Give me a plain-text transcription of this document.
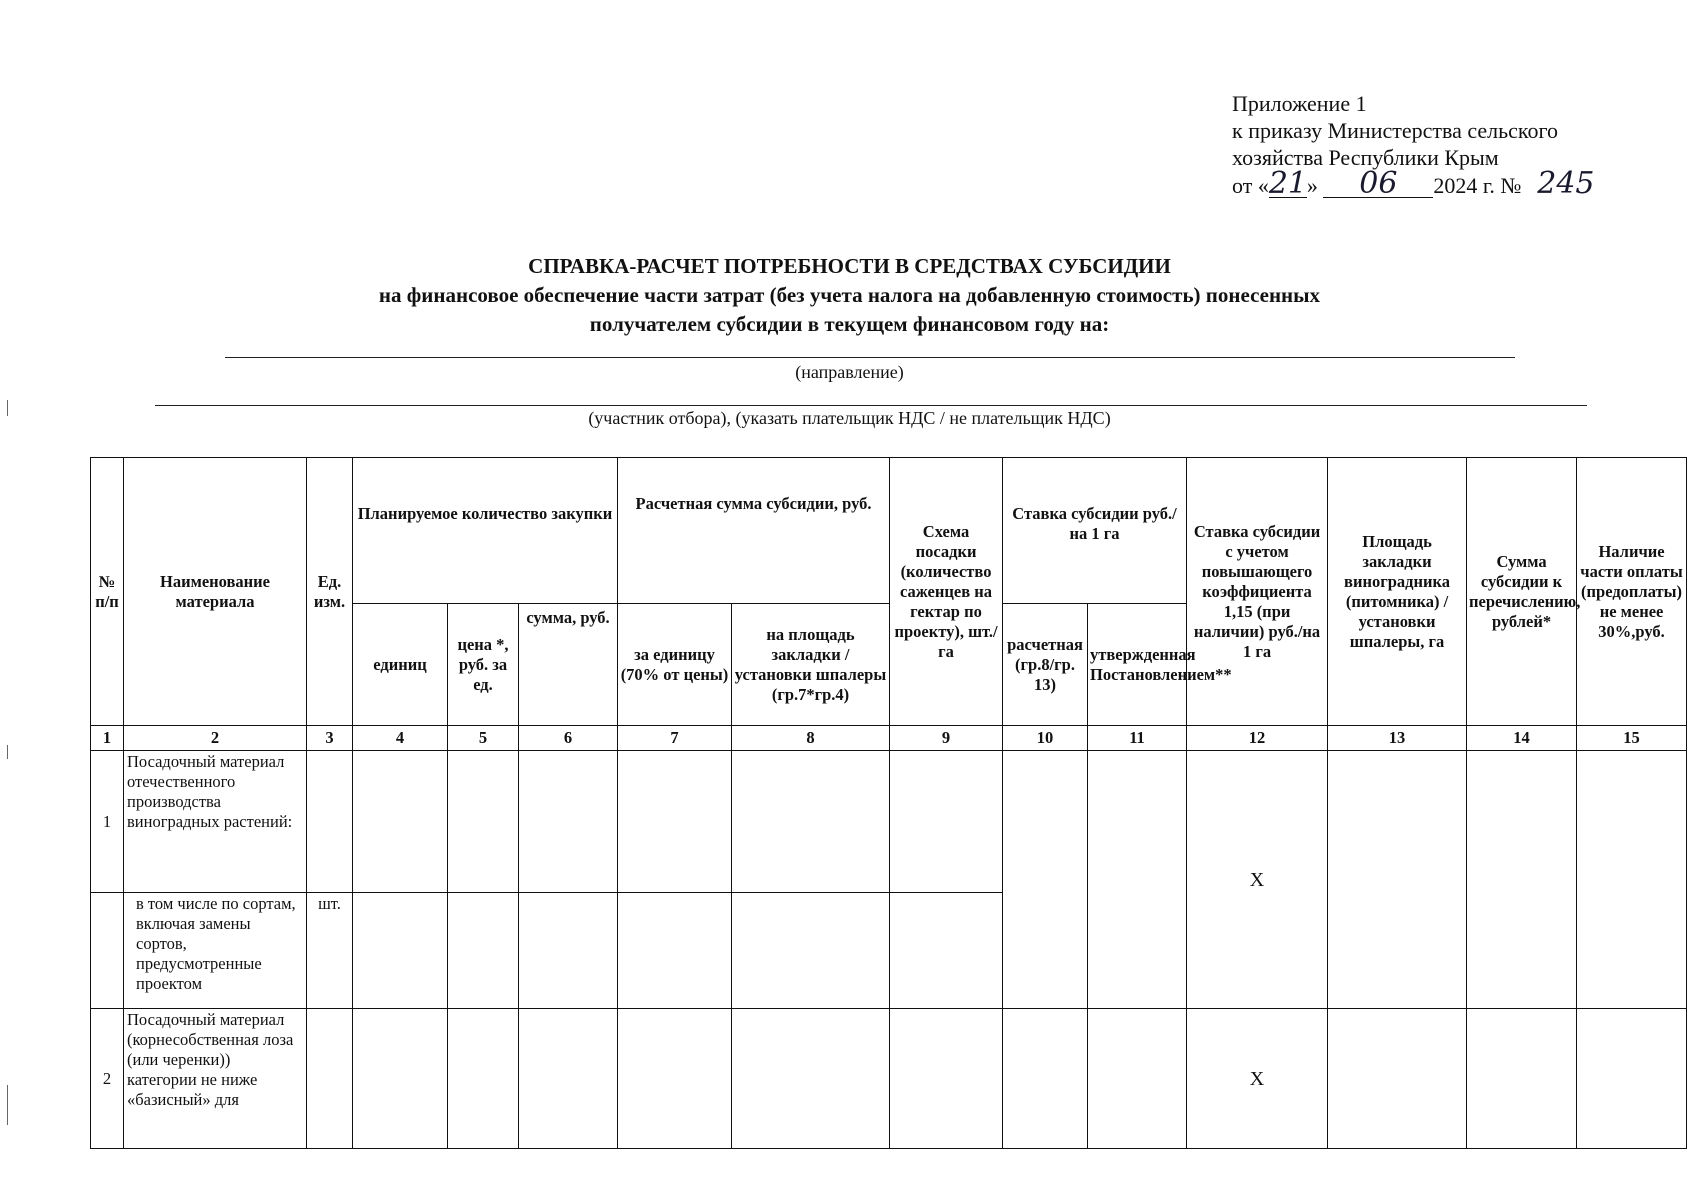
Приложение 1
к приказу Министерства сельского
хозяйства Республики Крым
от «21» 06 2024 г. № 245
СПРАВКА-РАСЧЕТ ПОТРЕБНОСТИ В СРЕДСТВАХ СУБСИДИИ
на финансовое обеспечение части затрат (без учета налога на добавленную стоимость) понесенных
получателем субсидии в текущем финансовом году на:
(направление)
(участник отбора), (указать плательщик НДС / не плательщик НДС)
№ п/п	Наименование материала	Ед. изм.	Планируемое количество закупки			Расчетная сумма субсидии, руб.		Схема посадки (количество саженцев на гектар по проекту), шт./га	Ставка субсидии руб./на 1 га		Ставка субсидии с учетом повышающего коэффициента 1,15 (при наличии) руб./на 1 га	Площадь закладки виноградника (питомника) / установки шпалеры, га	Сумма субсидии к перечислению, рублей*	Наличие части оплаты (предоплаты) не менее 30%,руб.
			единиц	цена *, руб. за ед.	сумма, руб.	за единицу (70% от цены)	на площадь закладки / установки шпалеры (гр.7*гр.4)		расчетная (гр.8/гр. 13)	утвержденная Постановлением**				
1	2	3	4	5	6	7	8	9	10	11	12	13	14	15
1	Посадочный материал отечественного производства виноградных растений:										X			
	в том числе по сортам, включая замены сортов, предусмотренные проектом	шт.												
2	Посадочный материал (корнесобственная лоза (или черенки)) категории не ниже «базисный» для										X			
